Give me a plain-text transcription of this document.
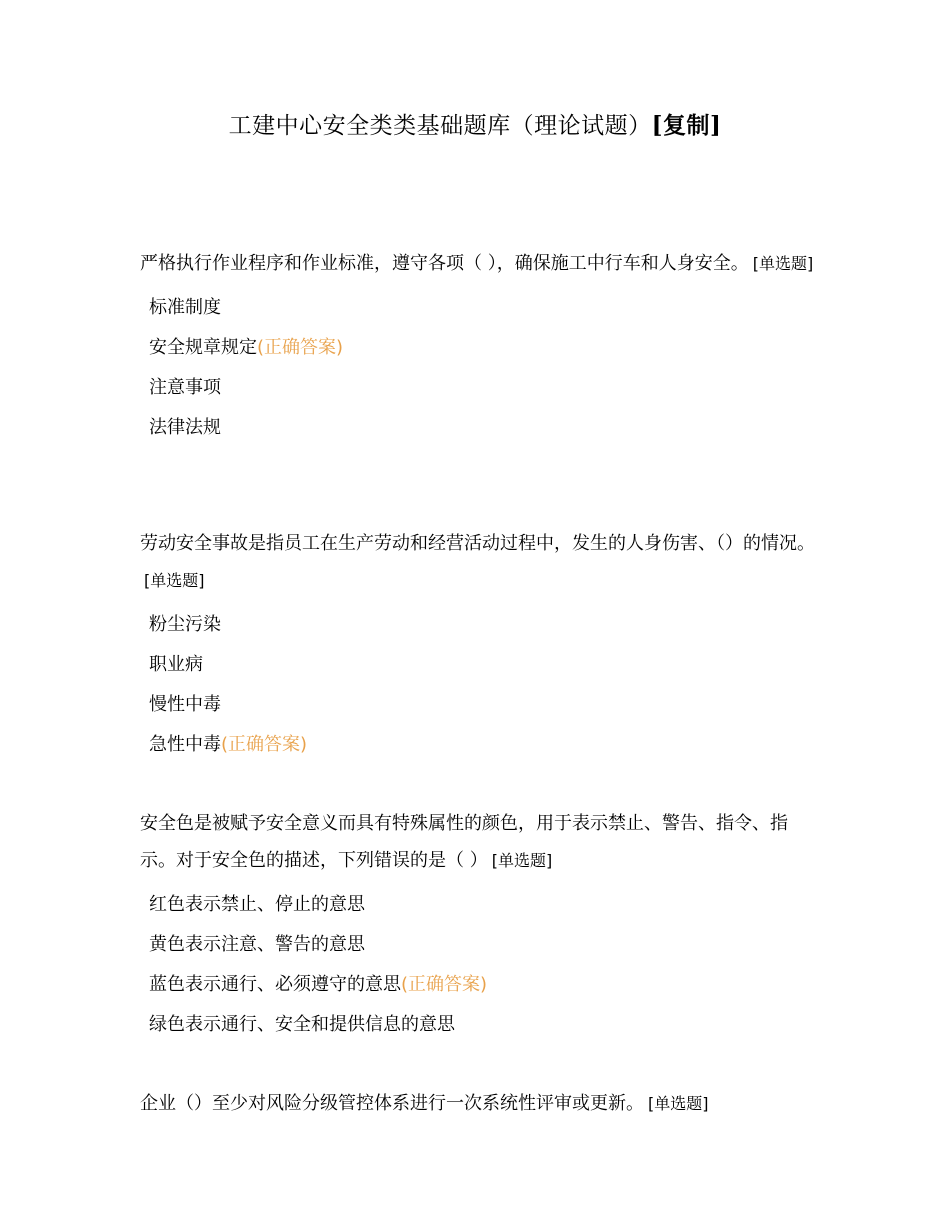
工建中心安全类类基础题库（理论试题）[复制]

严格执行作业程序和作业标准，遵守各项（ ），确保施工中行车和人身安全。 [单选题]

标准制度
安全规章规定(正确答案)
注意事项
法律法规

劳动安全事故是指员工在生产劳动和经营活动过程中，发生的人身伤害、（）的情况。[单选题]

粉尘污染
职业病
慢性中毒
急性中毒(正确答案)

安全色是被赋予安全意义而具有特殊属性的颜色，用于表示禁止、警告、指令、指示。对于安全色的描述，下列错误的是（ ） [单选题]

红色表示禁止、停止的意思
黄色表示注意、警告的意思
蓝色表示通行、必须遵守的意思(正确答案)
绿色表示通行、安全和提供信息的意思

企业（）至少对风险分级管控体系进行一次系统性评审或更新。 [单选题]
